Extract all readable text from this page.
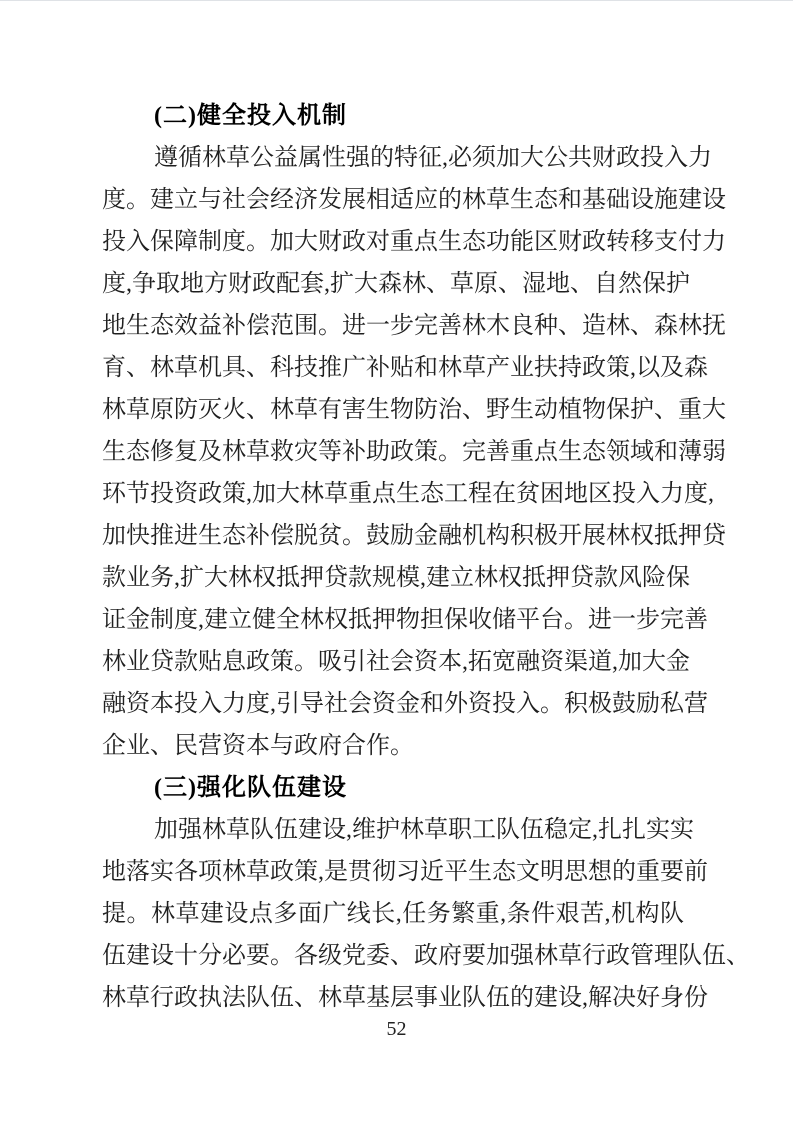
(二)健全投入机制
遵循林草公益属性强的特征,必须加大公共财政投入力
度。建立与社会经济发展相适应的林草生态和基础设施建设
投入保障制度。加大财政对重点生态功能区财政转移支付力
度,争取地方财政配套,扩大森林、草原、湿地、自然保护
地生态效益补偿范围。进一步完善林木良种、造林、森林抚
育、林草机具、科技推广补贴和林草产业扶持政策,以及森
林草原防灭火、林草有害生物防治、野生动植物保护、重大
生态修复及林草救灾等补助政策。完善重点生态领域和薄弱
环节投资政策,加大林草重点生态工程在贫困地区投入力度,
加快推进生态补偿脱贫。鼓励金融机构积极开展林权抵押贷
款业务,扩大林权抵押贷款规模,建立林权抵押贷款风险保
证金制度,建立健全林权抵押物担保收储平台。进一步完善
林业贷款贴息政策。吸引社会资本,拓宽融资渠道,加大金
融资本投入力度,引导社会资金和外资投入。积极鼓励私营
企业、民营资本与政府合作。
(三)强化队伍建设
加强林草队伍建设,维护林草职工队伍稳定,扎扎实实
地落实各项林草政策,是贯彻习近平生态文明思想的重要前
提。林草建设点多面广线长,任务繁重,条件艰苦,机构队
伍建设十分必要。各级党委、政府要加强林草行政管理队伍、
林草行政执法队伍、林草基层事业队伍的建设,解决好身份
52
